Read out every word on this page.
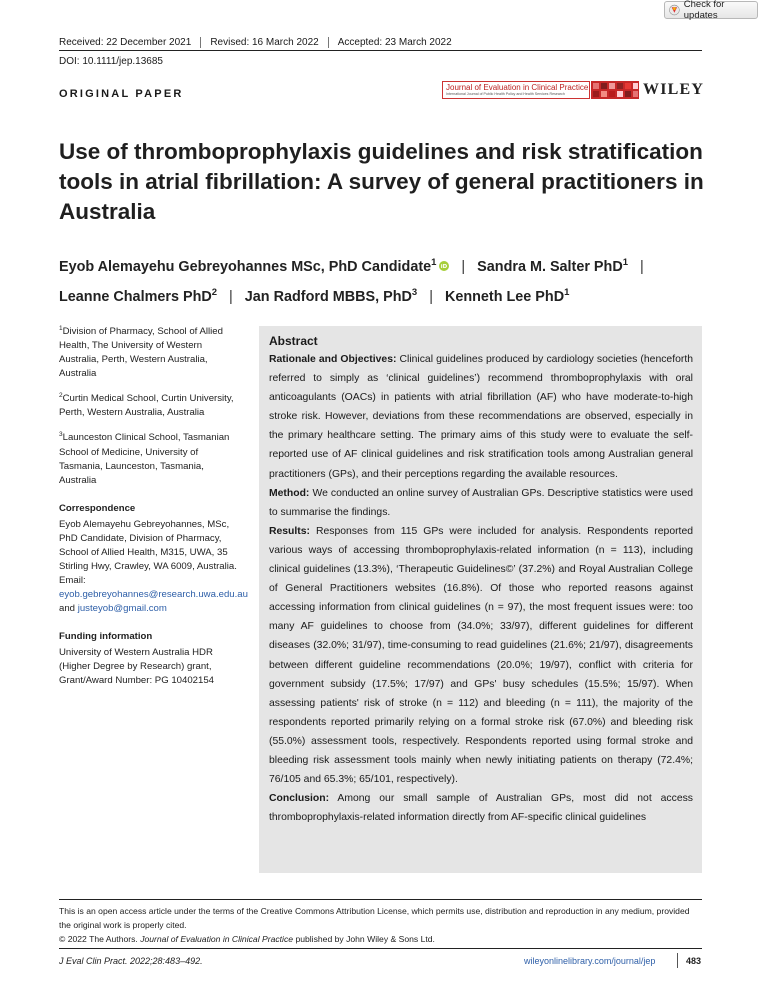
Check for updates
Received: 22 December 2021 Revised: 16 March 2022 Accepted: 23 March 2022
DOI: 10.1111/jep.13685
ORIGINAL PAPER
Journal of Evaluation in Clinical Practice
International Journal of Public Health Policy and Health Services Research	WILEY
Use of thromboprophylaxis guidelines and risk stratification tools in atrial fibrillation: A survey of general practitioners in Australia
Eyob Alemayehu Gebreyohannes MSc, PhD Candidate$^1$ iD | Sandra M. Salter PhD$^1$ |
Leanne Chalmers PhD$^2$ | Jan Radford MBBS, PhD$^3$ | Kenneth Lee PhD$^1$

$^1$Division of Pharmacy, School of Allied Health, The University of Western Australia, Perth, Western Australia, Australia

$^2$Curtin Medical School, Curtin University, Perth, Western Australia, Australia

$^3$Launceston Clinical School, Tasmanian School of Medicine, University of Tasmania, Launceston, Tasmania, Australia

Correspondence

Eyob Alemayehu Gebreyohannes, MSc, PhD Candidate, Division of Pharmacy, School of Allied Health, M315, UWA, 35 Stirling Hwy, Crawley, WA 6009, Australia.
Email: eyob.gebreyohannes@research.uwa.edu.au and justeyob@gmail.com

Funding information

University of Western Australia HDR (Higher Degree by Research) grant, Grant/Award Number: PG 10402154

Abstract

Rationale and Objectives: Clinical guidelines produced by cardiology societies (henceforth referred to simply as ‘clinical guidelines’) recommend thromboprophylaxis with oral anticoagulants (OACs) in patients with atrial fibrillation (AF) who have moderate-to-high stroke risk. However, deviations from these recommendations are observed, especially in the primary healthcare setting. The primary aims of this study were to evaluate the self-reported use of AF clinical guidelines and risk stratification tools among Australian general practitioners (GPs), and their perceptions regarding the available resources.

Method: We conducted an online survey of Australian GPs. Descriptive statistics were used to summarise the findings.

Results: Responses from 115 GPs were included for analysis. Respondents reported various ways of accessing thromboprophylaxis-related information (n = 113), including clinical guidelines (13.3%), ‘Therapeutic Guidelines©’ (37.2%) and Royal Australian College of General Practitioners websites (16.8%). Of those who reported reasons against accessing information from clinical guidelines (n = 97), the most frequent issues were: too many AF guidelines to choose from (34.0%; 33/97), different guidelines for different diseases (32.0%; 31/97), time-consuming to read guidelines (21.6%; 21/97), disagreements between different guideline recommendations (20.0%; 19/97), conflict with criteria for government subsidy (17.5%; 17/97) and GPs' busy schedules (15.5%; 15/97). When assessing patients' risk of stroke (n = 112) and bleeding (n = 111), the majority of the respondents reported primarily relying on a formal stroke risk (67.0%) and bleeding risk (55.0%) assessment tools, respectively. Respondents reported using formal stroke and bleeding risk assessment tools mainly when newly initiating patients on therapy (72.4%; 76/105 and 65.3%; 65/101, respectively).

Conclusion: Among our small sample of Australian GPs, most did not access thromboprophylaxis-related information directly from AF-specific clinical guidelines

This is an open access article under the terms of the Creative Commons Attribution License, which permits use, distribution and reproduction in any medium, provided the original work is properly cited.
© 2022 The Authors. Journal of Evaluation in Clinical Practice published by John Wiley & Sons Ltd.
J Eval Clin Pract. 2022;28:483–492.	wileyonlinelibrary.com/journal/jep	483
